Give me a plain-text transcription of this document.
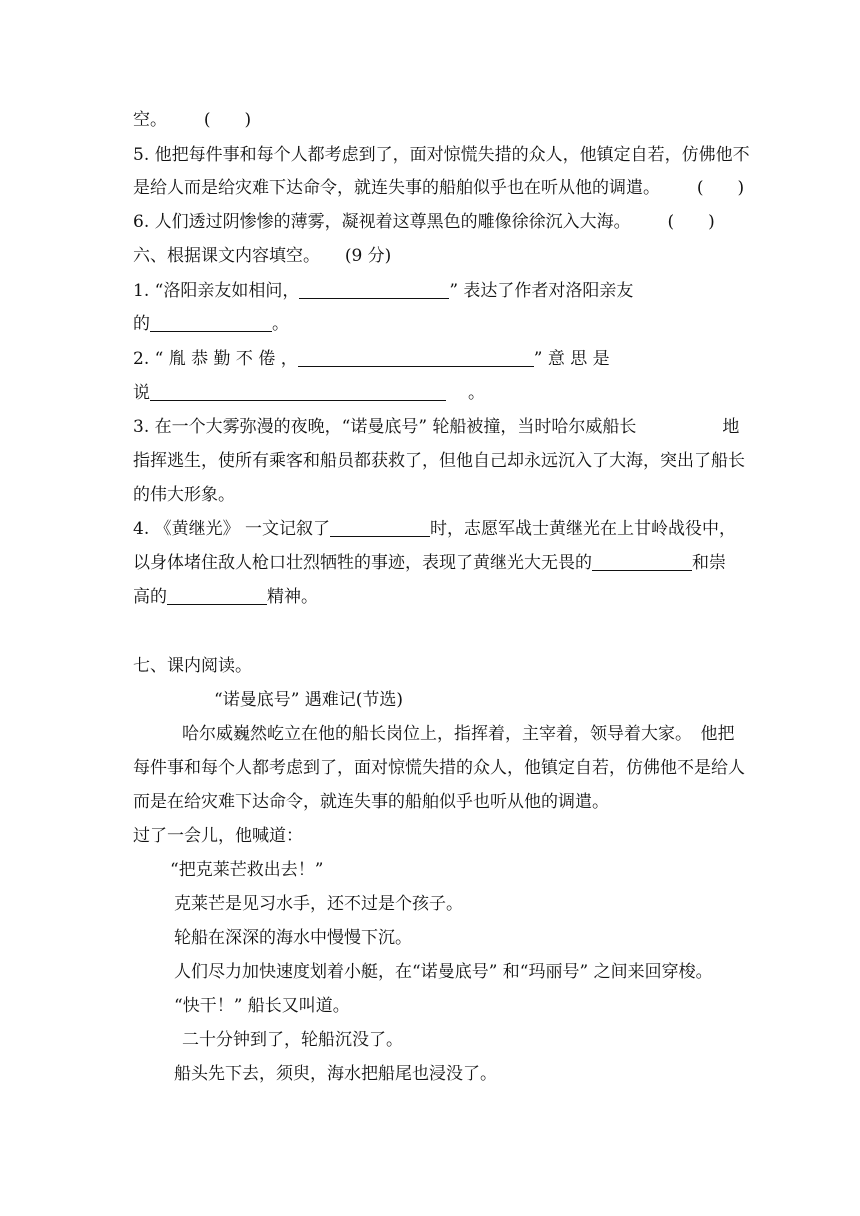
空。 (　　)
5. 他把每件事和每个人都考虑到了，面对惊慌失措的众人，他镇定自若，仿佛他不
是给人而是给灾难下达命令，就连失事的船舶似乎也在听从他的调遣。 (　　)
6. 人们透过阴惨惨的薄雾，凝视着这尊黑色的雕像徐徐沉入大海。 (　　)
六、根据课文内容填空。 (9 分)
1. “洛阳亲友如相问，	” 表达了作者对洛阳亲友
的	。
2. “ 胤 恭 勤 不 倦 ，	” 意 思 是
说	。
3. 在一个大雾弥漫的夜晚，“诺曼底号” 轮船被撞，当时哈尔威船长	地
指挥逃生，使所有乘客和船员都获救了，但他自己却永远沉入了大海，突出了船长
的伟大形象。
4. 《黄继光》 一文记叙了	时，志愿军战士黄继光在上甘岭战役中，
以身体堵住敌人枪口壮烈牺牲的事迹，表现了黄继光大无畏的	和崇
高的	精神。
七、课内阅读。
“诺曼底号” 遇难记(节选)
哈尔威巍然屹立在他的船长岗位上，指挥着，主宰着，领导着大家。　他把
每件事和每个人都考虑到了，面对惊慌失措的众人，他镇定自若，仿佛他不是给人
而是在给灾难下达命令，就连失事的船舶似乎也听从他的调遣。
过了一会儿，他喊道：
“把克莱芒救出去！”
克莱芒是见习水手，还不过是个孩子。
轮船在深深的海水中慢慢下沉。
人们尽力加快速度划着小艇，在“诺曼底号” 和“玛丽号” 之间来回穿梭。
“快干！” 船长又叫道。
二十分钟到了，轮船沉没了。
船头先下去，须臾，海水把船尾也浸没了。
